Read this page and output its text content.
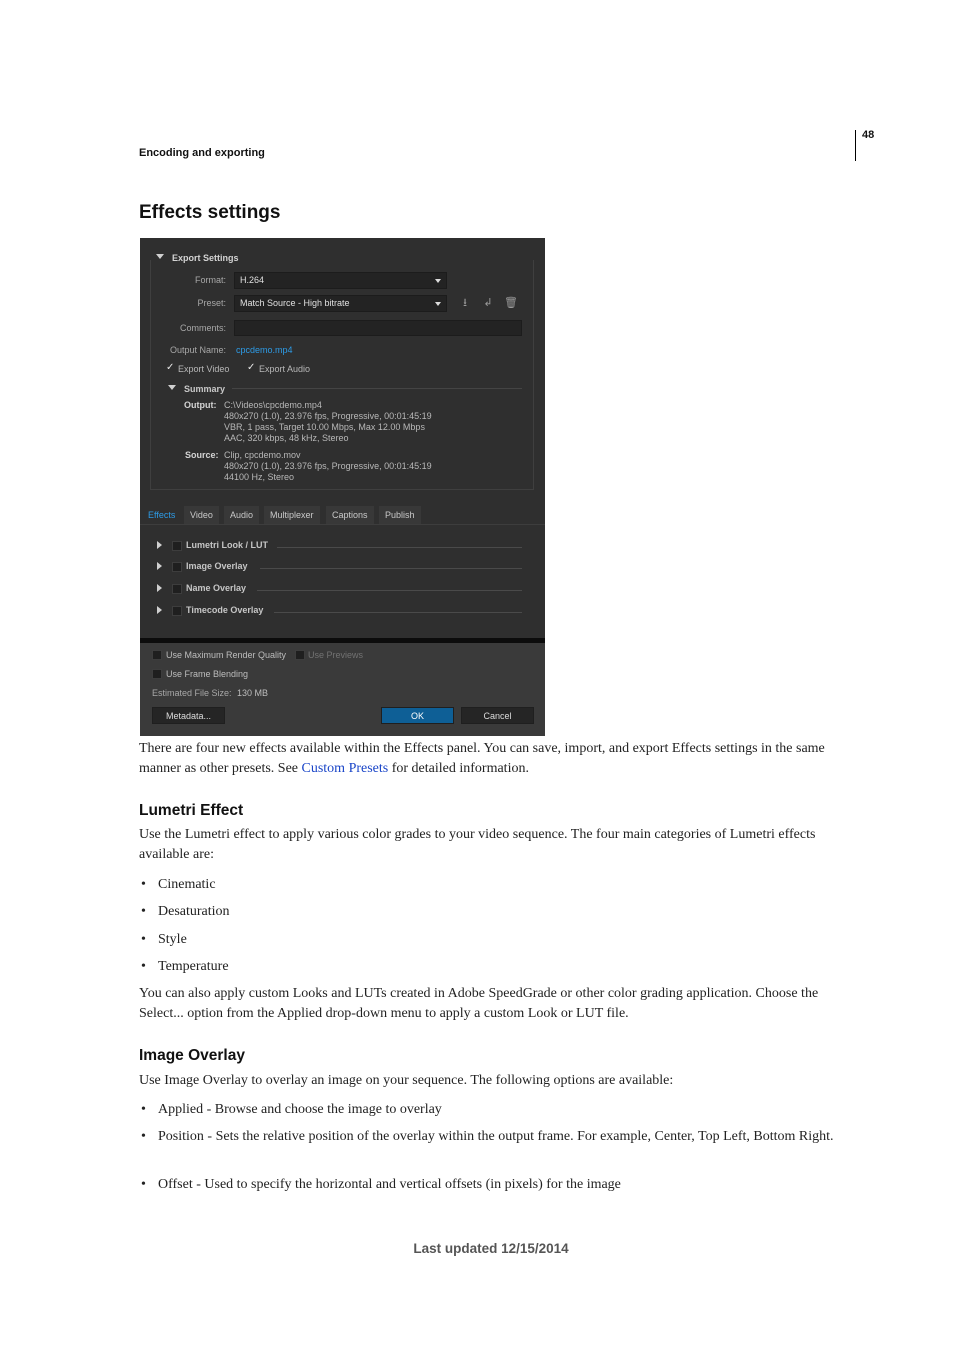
Encoding and exporting
48
Effects settings
Export Settings
Format:	H.264
Preset:	Match Source - High bitrate	⭳	↲ 🗑
Comments:
Output Name: cpcdemo.mp4
✓ Export Video ✓ Export Audio
Summary
Output: C:\Videos\cpcdemo.mp4
480x270 (1.0), 23.976 fps, Progressive, 00:01:45:19
VBR, 1 pass, Target 10.00 Mbps, Max 12.00 Mbps
AAC, 320 kbps, 48 kHz, Stereo
Source: Clip, cpcdemo.mov
480x270 (1.0), 23.976 fps, Progressive, 00:01:45:19
44100 Hz, Stereo
Effects	Video	Audio	Multiplexer	Captions	Publish
Lumetri Look / LUT
Image Overlay
Name Overlay
Timecode Overlay
Use Maximum Render Quality Use Previews
Use Frame Blending
Estimated File Size: 130 MB
Metadata...	OK	Cancel

There are four new effects available within the Effects panel. You can save, import, and export Effects settings in the same manner as other presets. See Custom Presets for detailed information.

Lumetri Effect

Use the Lumetri effect to apply various color grades to your video sequence. The four main categories of Lumetri effects available are:

• Cinematic
• Desaturation
• Style
• Temperature

You can also apply custom Looks and LUTs created in Adobe SpeedGrade or other color grading application. Choose the Select... option from the Applied drop-down menu to apply a custom Look or LUT file.

Image Overlay

Use Image Overlay to overlay an image on your sequence. The following options are available:

• Applied - Browse and choose the image to overlay
• Position - Sets the relative position of the overlay within the output frame. For example, Center, Top Left, Bottom Right.
• Offset - Used to specify the horizontal and vertical offsets (in pixels) for the image
Last updated 12/15/2014
